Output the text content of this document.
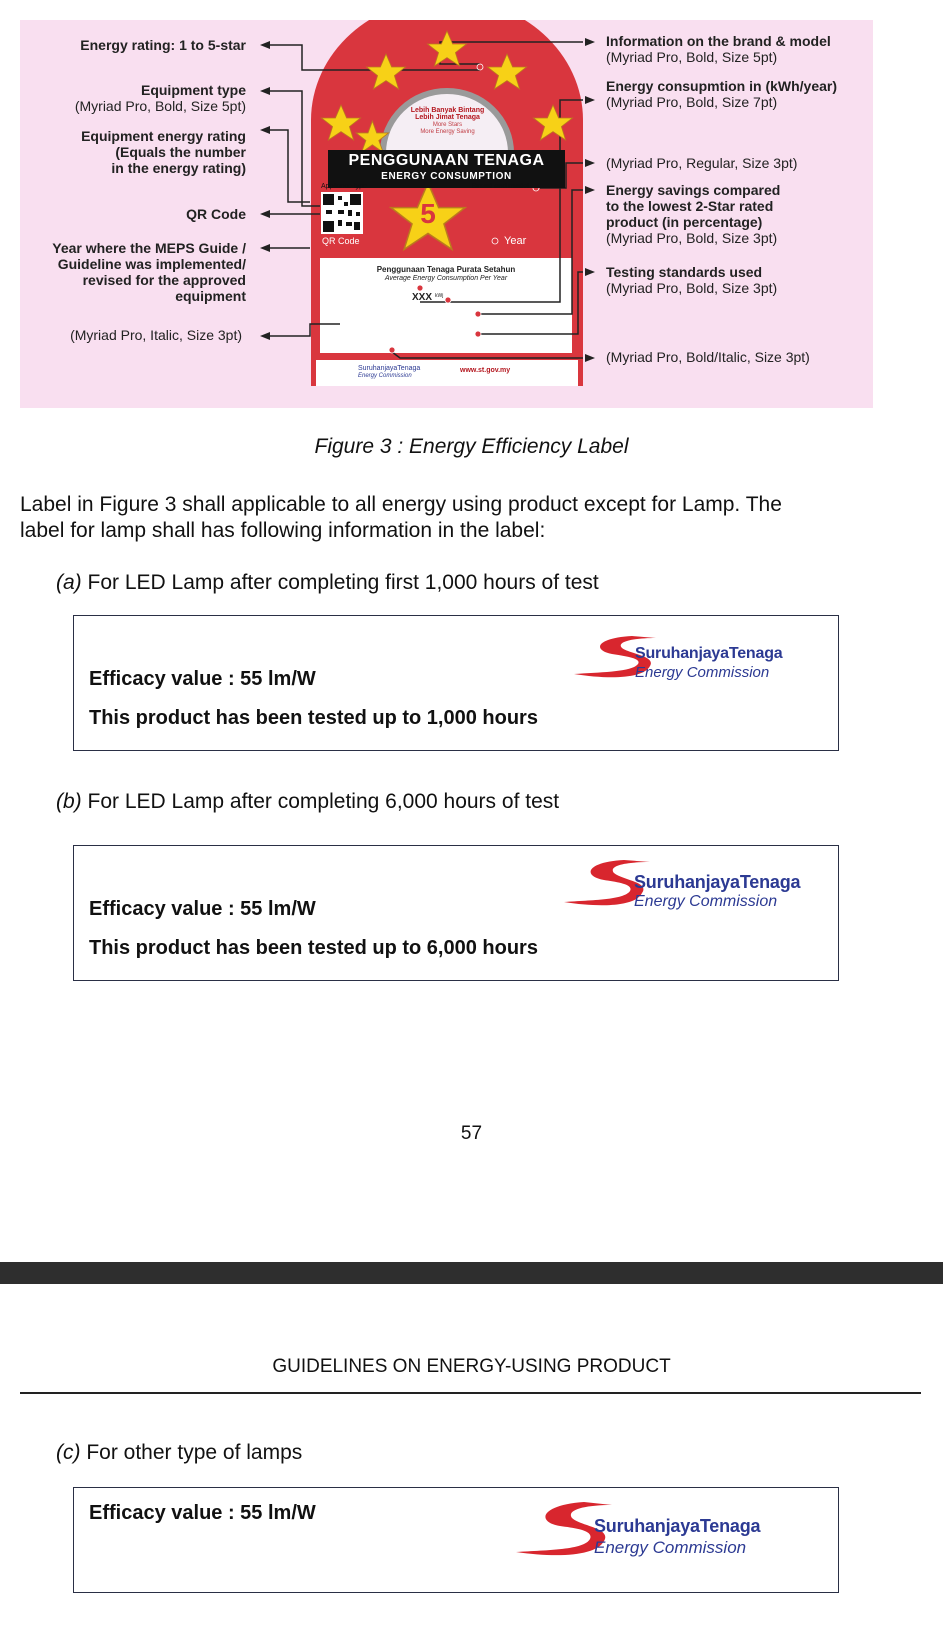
Lebih Banyak Bintang
Lebih Jimat Tenaga
More Stars
More Energy Saving
PENGGUNAAN TENAGA
ENERGY CONSUMPTION
Appliance type	Brand and model
QR Code	Year
5
Penggunaan Tenaga Purata Setahun
Average Energy Consumption Per Year
XXX kWj
SuruhanjayaTenaga
Energy Commission
www.st.gov.my
Energy rating: 1 to 5-star
Equipment type
(Myriad Pro, Bold, Size 5pt)
Equipment energy rating
(Equals the number
in the energy rating)
QR Code
Year where the MEPS Guide /
Guideline was implemented/
revised for the approved equipment
(Myriad Pro, Italic, Size 3pt)
Information on the brand & model
(Myriad Pro, Bold, Size 5pt)
Energy consupmtion in (kWh/year)
(Myriad Pro, Bold, Size 7pt)
(Myriad Pro, Regular, Size 3pt)
Energy savings compared
to the lowest 2-Star rated
product (in percentage)
(Myriad Pro, Bold, Size 3pt)
Testing standards used
(Myriad Pro, Bold, Size 3pt)
(Myriad Pro, Bold/Italic, Size 3pt)
Figure 3 : Energy Efficiency Label
Label in Figure 3 shall applicable to all energy using product except for Lamp. The
label for lamp shall has following information in the label:
(a) For LED Lamp after completing first 1,000 hours of test
Efficacy value : 55 lm/W
This product has been tested up to 1,000 hours
SuruhanjayaTenaga
Energy Commission
(b) For LED Lamp after completing 6,000 hours of test
Efficacy value : 55 lm/W
This product has been tested up to 6,000 hours
SuruhanjayaTenaga
Energy Commission
57
GUIDELINES ON ENERGY-USING PRODUCT
(c) For other type of lamps
Efficacy value : 55 lm/W
SuruhanjayaTenaga
Energy Commission
